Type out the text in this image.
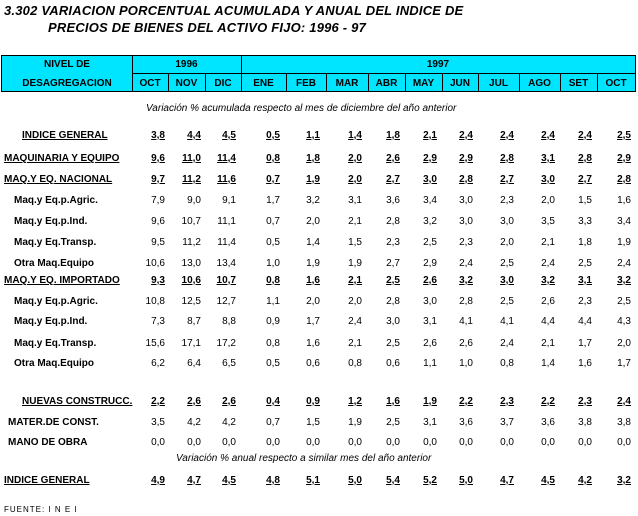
3.302 VARIACION PORCENTUAL ACUMULADA Y ANUAL DEL INDICE DE
PRECIOS DE BIENES DEL ACTIVO FIJO: 1996 - 97
NIVEL DE
DESAGREGACION
1996	1997
OCT	NOV	DIC	ENE	FEB	MAR	ABR	MAY	JUN	JUL	AGO	SET	OCT
Variación % acumulada respecto al mes de diciembre del año anterior
Variación % anual respecto a similar mes del año anterior
INDICE GENERAL	3,8	4,4	4,5	0,5	1,1	1,4	1,8	2,1	2,4	2,4	2,4	2,4	2,5
MAQUINARIA Y EQUIPO	9,6	11,0	11,4	0,8	1,8	2,0	2,6	2,9	2,9	2,8	3,1	2,8	2,9
MAQ.Y EQ. NACIONAL	9,7	11,2	11,6	0,7	1,9	2,0	2,7	3,0	2,8	2,7	3,0	2,7	2,8
Maq.y Eq.p.Agric.	7,9	9,0	9,1	1,7	3,2	3,1	3,6	3,4	3,0	2,3	2,0	1,5	1,6
Maq.y Eq.p.Ind.	9,6	10,7	11,1	0,7	2,0	2,1	2,8	3,2	3,0	3,0	3,5	3,3	3,4
Maq.y Eq.Transp.	9,5	11,2	11,4	0,5	1,4	1,5	2,3	2,5	2,3	2,0	2,1	1,8	1,9
Otra Maq.Equipo	10,6	13,0	13,4	1,0	1,9	1,9	2,7	2,9	2,4	2,5	2,4	2,5	2,4
MAQ.Y EQ. IMPORTADO	9,3	10,6	10,7	0,8	1,6	2,1	2,5	2,6	3,2	3,0	3,2	3,1	3,2
Maq.y Eq.p.Agric.	10,8	12,5	12,7	1,1	2,0	2,0	2,8	3,0	2,8	2,5	2,6	2,3	2,5
Maq.y Eq.p.Ind.	7,3	8,7	8,8	0,9	1,7	2,4	3,0	3,1	4,1	4,1	4,4	4,4	4,3
Maq.y Eq.Transp.	15,6	17,1	17,2	0,8	1,6	2,1	2,5	2,6	2,6	2,4	2,1	1,7	2,0
Otra Maq.Equipo	6,2	6,4	6,5	0,5	0,6	0,8	0,6	1,1	1,0	0,8	1,4	1,6	1,7
NUEVAS CONSTRUCC.	2,2	2,6	2,6	0,4	0,9	1,2	1,6	1,9	2,2	2,3	2,2	2,3	2,4
MATER.DE CONST.	3,5	4,2	4,2	0,7	1,5	1,9	2,5	3,1	3,6	3,7	3,6	3,8	3,8
MANO DE OBRA	0,0	0,0	0,0	0,0	0,0	0,0	0,0	0,0	0,0	0,0	0,0	0,0	0,0
INDICE GENERAL	4,9	4,7	4,5	4,8	5,1	5,0	5,4	5,2	5,0	4,7	4,5	4,2	3,2
FUENTE: I N E I
